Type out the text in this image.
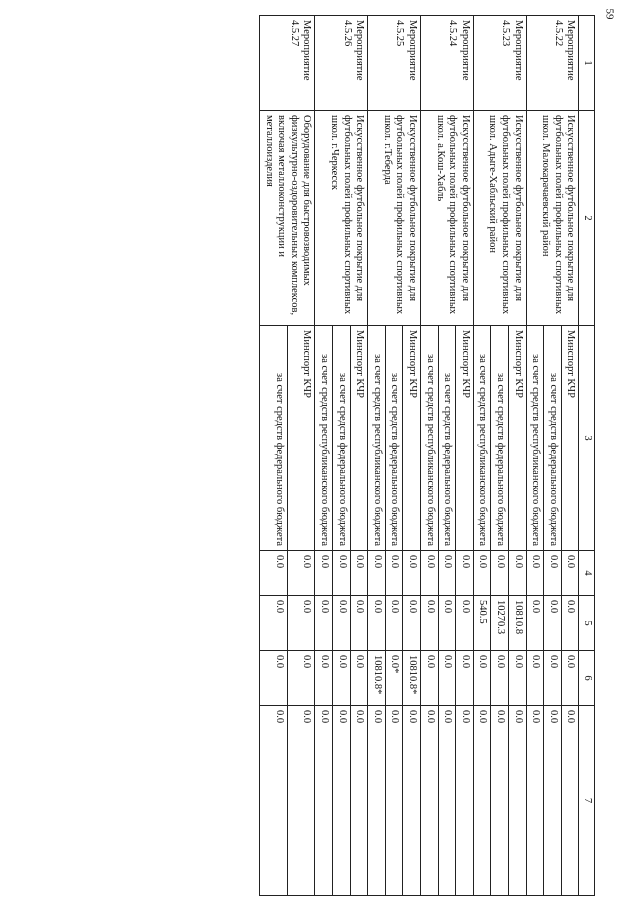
59
1	2	3	4	5	6	7
Мероприятие 4.5.22	Искусственное футбольное покрытие для футбольных полей профильных спортивных школ. Малокарачаевский район	Минспорт КЧР	0.0	0.0	0.0	0.0
		за счет средств федерального бюджета	0.0	0.0	0.0	0.0
		за счет средств республиканского бюджета	0.0	0.0	0.0	0.0
Мероприятие 4.5.23	Искусственное футбольное покрытие для футбольных полей профильных спортивных школ. Адыге-Хабльский район	Минспорт КЧР	0.0	10810.8	0.0	0.0
		за счет средств федерального бюджета	0.0	10270.3	0.0	0.0
		за счет средств республиканского бюджета	0.0	540.5	0.0	0.0
Мероприятие 4.5.24	Искусственное футбольное покрытие для футбольных полей профильных спортивных школ. а.Кош-Хабль	Минспорт КЧР	0.0	0.0	0.0	0.0
		за счет средств федерального бюджета	0.0	0.0	0.0	0.0
		за счет средств республиканского бюджета	0.0	0.0	0.0	0.0
Мероприятие 4.5.25	Искусственное футбольное покрытие для футбольных полей профильных спортивных школ. г.Теберда	Минспорт КЧР	0.0	0.0	10810.8*	0.0
		за счет средств федерального бюджета	0.0	0.0	0.0*	0.0
		за счет средств республиканского бюджета	0.0	0.0	10810.8*	0.0
Мероприятие 4.5.26	Искусственное футбольное покрытие для футбольных полей профильных спортивных школ. г.Черкесск	Минспорт КЧР	0.0	0.0	0.0	0.0
		за счет средств федерального бюджета	0.0	0.0	0.0	0.0
		за счет средств республиканского бюджета	0.0	0.0	0.0	0.0
Мероприятие 4.5.27	Оборудование для быстровозводимых физкультурно-оздоровительных комплексов, включая металлоконструкции и металлоизделия	Минспорт КЧР	0.0	0.0	0.0	0.0
		за счет средств федерального бюджета	0.0	0.0	0.0	0.0
